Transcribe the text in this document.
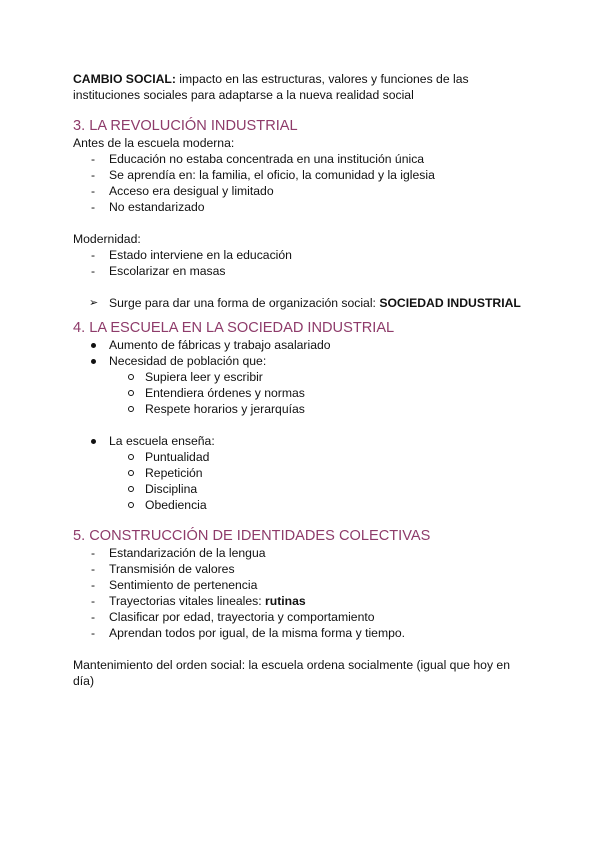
CAMBIO SOCIAL: impacto en las estructuras, valores y funciones de las instituciones sociales para adaptarse a la nueva realidad social

3. LA REVOLUCIÓN INDUSTRIAL

Antes de la escuela moderna:

- Educación no estaba concentrada en una institución única
- Se aprendía en: la familia, el oficio, la comunidad y la iglesia
- Acceso era desigual y limitado
- No estandarizado

Modernidad:

- Estado interviene en la educación
- Escolarizar en masas
➢ Surge para dar una forma de organización social: SOCIEDAD INDUSTRIAL
4. LA ESCUELA EN LA SOCIEDAD INDUSTRIAL
Aumento de fábricas y trabajo asalariado
Necesidad de población que:
Supiera leer y escribir
Entendiera órdenes y normas
Respete horarios y jerarquías
La escuela enseña:
Puntualidad
Repetición
Disciplina
Obediencia
5. CONSTRUCCIÓN DE IDENTIDADES COLECTIVAS
- Estandarización de la lengua
- Transmisión de valores
- Sentimiento de pertenencia
- Trayectorias vitales lineales: rutinas
- Clasificar por edad, trayectoria y comportamiento
- Aprendan todos por igual, de la misma forma y tiempo.

Mantenimiento del orden social: la escuela ordena socialmente (igual que hoy en día)
